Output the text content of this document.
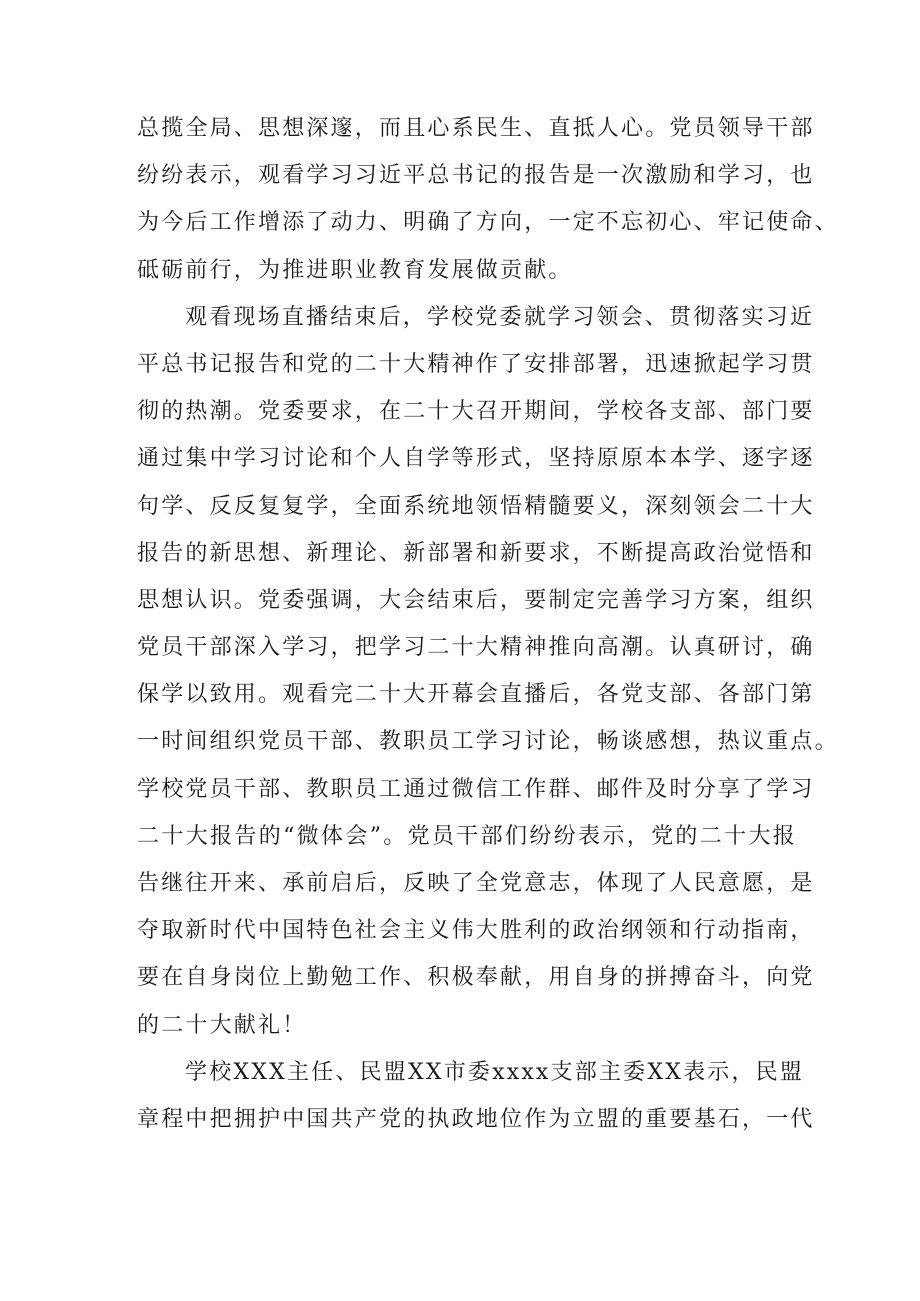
总揽全局、思想深邃，而且心系民生、直抵人心。党员领导干部
纷纷表示，观看学习习近平总书记的报告是一次激励和学习，也
为今后工作增添了动力、明确了方向，一定不忘初心、牢记使命、
砥砺前行，为推进职业教育发展做贡献。
观看现场直播结束后，学校党委就学习领会、贯彻落实习近
平总书记报告和党的二十大精神作了安排部署，迅速掀起学习贯
彻的热潮。党委要求，在二十大召开期间，学校各支部、部门要
通过集中学习讨论和个人自学等形式，坚持原原本本学、逐字逐
句学、反反复复学，全面系统地领悟精髓要义，深刻领会二十大
报告的新思想、新理论、新部署和新要求，不断提高政治觉悟和
思想认识。党委强调，大会结束后，要制定完善学习方案，组织
党员干部深入学习，把学习二十大精神推向高潮。认真研讨，确
保学以致用。观看完二十大开幕会直播后，各党支部、各部门第
一时间组织党员干部、教职员工学习讨论，畅谈感想，热议重点。
学校党员干部、教职员工通过微信工作群、邮件及时分享了学习
二十大报告的“微体会”。党员干部们纷纷表示，党的二十大报
告继往开来、承前启后，反映了全党意志，体现了人民意愿，是
夺取新时代中国特色社会主义伟大胜利的政治纲领和行动指南，
要在自身岗位上勤勉工作、积极奉献，用自身的拼搏奋斗，向党
的二十大献礼！
学校XXX主任、民盟XX市委xxxx支部主委XX表示，民盟
章程中把拥护中国共产党的执政地位作为立盟的重要基石，一代
